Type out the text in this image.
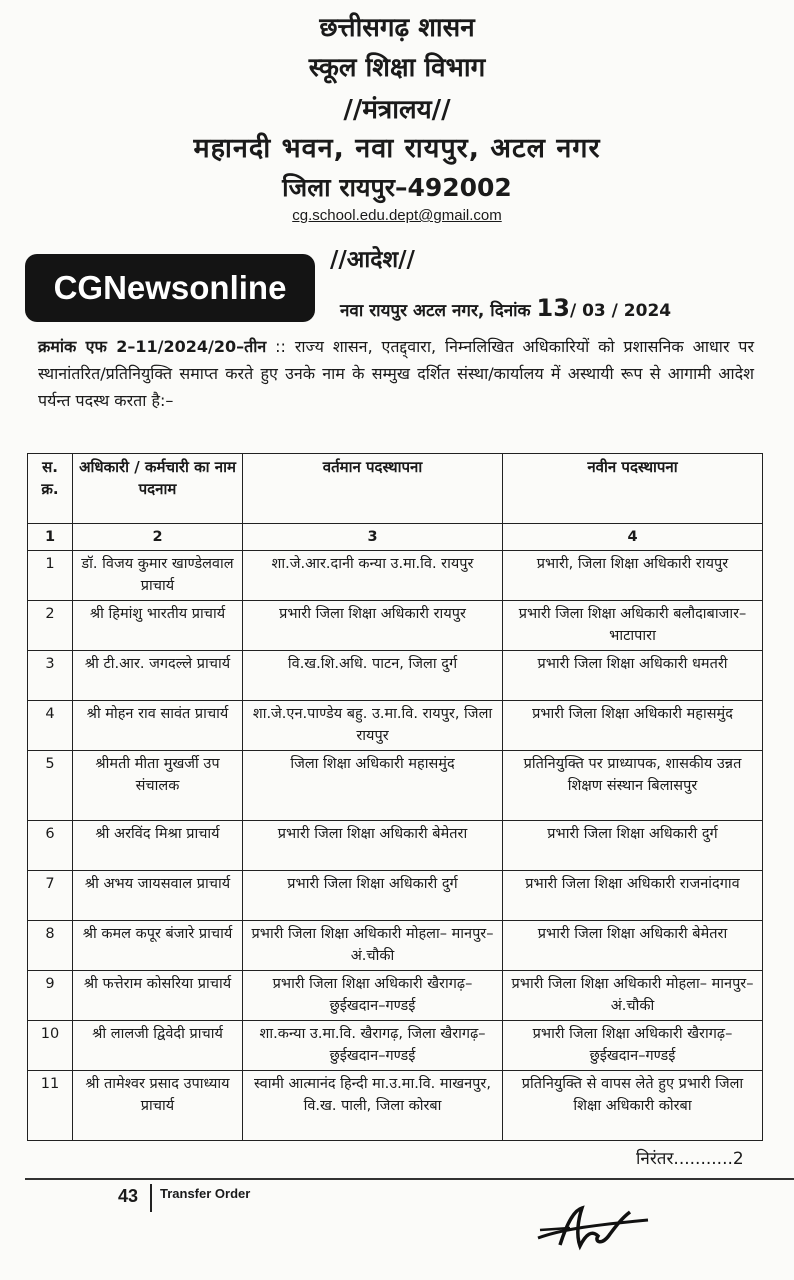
छत्तीसगढ़ शासन
स्कूल शिक्षा विभाग
//मंत्रालय//
महानदी भवन, नवा रायपुर, अटल नगर
जिला रायपुर–492002
cg.school.edu.dept@gmail.com
//आदेश//
CGNewsonline
नवा रायपुर अटल नगर, दिनांक 13/ 03 / 2024
क्रमांक एफ 2–11/2024/20–तीन :: राज्य शासन, एतद्द्वारा, निम्नलिखित अधिकारियों को प्रशासनिक आधार पर स्थानांतरित/प्रतिनियुक्ति समाप्त करते हुए उनके नाम के सम्मुख दर्शित संस्था/कार्यालय में अस्थायी रूप से आगामी आदेश पर्यन्त पदस्थ करता है:–
स. क्र.	अधिकारी / कर्मचारी का नाम पदनाम	वर्तमान पदस्थापना	नवीन पदस्थापना
1	2	3	4
1	डॉ. विजय कुमार खाण्डेलवाल प्राचार्य	शा.जे.आर.दानी कन्या उ.मा.वि. रायपुर	प्रभारी, जिला शिक्षा अधिकारी रायपुर
2	श्री हिमांशु भारतीय प्राचार्य	प्रभारी जिला शिक्षा अधिकारी रायपुर	प्रभारी जिला शिक्षा अधिकारी बलौदाबाजार–भाटापारा
3	श्री टी.आर. जगदल्ले प्राचार्य	वि.ख.शि.अधि. पाटन, जिला दुर्ग	प्रभारी जिला शिक्षा अधिकारी धमतरी
4	श्री मोहन राव सावंत प्राचार्य	शा.जे.एन.पाण्डेय बहु. उ.मा.वि. रायपुर, जिला रायपुर	प्रभारी जिला शिक्षा अधिकारी महासमुंद
5	श्रीमती मीता मुखर्जी उप संचालक	जिला शिक्षा अधिकारी महासमुंद	प्रतिनियुक्ति पर प्राध्यापक, शासकीय उन्नत शिक्षण संस्थान बिलासपुर
6	श्री अरविंद मिश्रा प्राचार्य	प्रभारी जिला शिक्षा अधिकारी बेमेतरा	प्रभारी जिला शिक्षा अधिकारी दुर्ग
7	श्री अभय जायसवाल प्राचार्य	प्रभारी जिला शिक्षा अधिकारी दुर्ग	प्रभारी जिला शिक्षा अधिकारी राजनांदगाव
8	श्री कमल कपूर बंजारे प्राचार्य	प्रभारी जिला शिक्षा अधिकारी मोहला– मानपुर–अं.चौकी	प्रभारी जिला शिक्षा अधिकारी बेमेतरा
9	श्री फत्तेराम कोसरिया प्राचार्य	प्रभारी जिला शिक्षा अधिकारी खैरागढ़– छुईखदान–गण्डई	प्रभारी जिला शिक्षा अधिकारी मोहला– मानपुर–अं.चौकी
10	श्री लालजी द्विवेदी प्राचार्य	शा.कन्या उ.मा.वि. खैरागढ़, जिला खैरागढ़–छुईखदान–गण्डई	प्रभारी जिला शिक्षा अधिकारी खैरागढ़– छुईखदान–गण्डई
11	श्री तामेश्वर प्रसाद उपाध्याय प्राचार्य	स्वामी आत्मानंद हिन्दी मा.उ.मा.वि. माखनपुर, वि.ख. पाली, जिला कोरबा	प्रतिनियुक्ति से वापस लेते हुए प्रभारी जिला शिक्षा अधिकारी कोरबा
निरंतर...........2
43 Transfer Order
